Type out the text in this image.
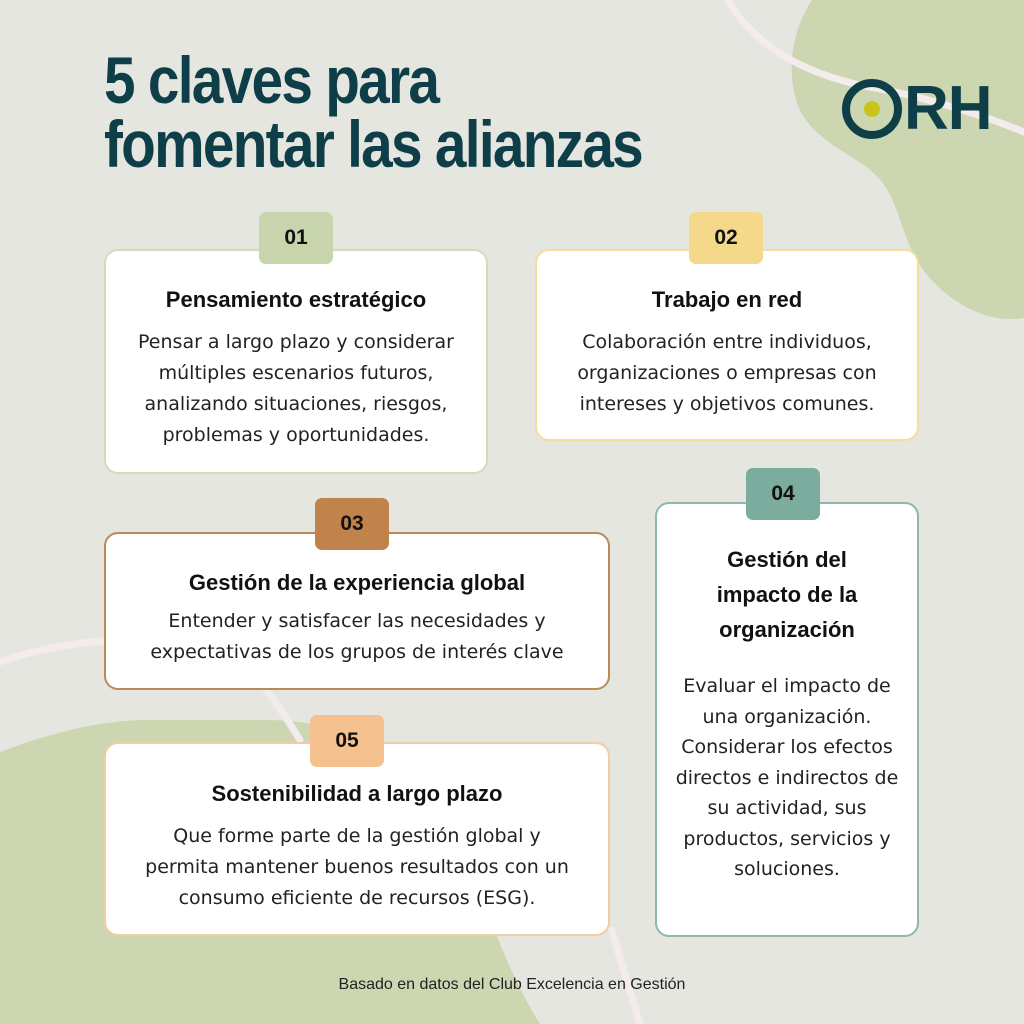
5 claves para fomentar las alianzas	RH
Pensamiento estratégico

Pensar a largo plazo y considerar múltiples escenarios futuros, analizando situaciones, riesgos, problemas y oportunidades.

01
Trabajo en red

Colaboración entre individuos, organizaciones o empresas con intereses y objetivos comunes.

02
Gestión de la experiencia global

Entender y satisfacer las necesidades y expectativas de los grupos de interés clave

03
Gestión del impacto de la organización

Evaluar el impacto de una organización. Considerar los efectos directos e indirectos de su actividad, sus productos, servicios y soluciones.

04
Sostenibilidad a largo plazo

Que forme parte de la gestión global y permita mantener buenos resultados con un consumo eficiente de recursos (ESG).

05

Basado en datos del Club Excelencia en Gestión
